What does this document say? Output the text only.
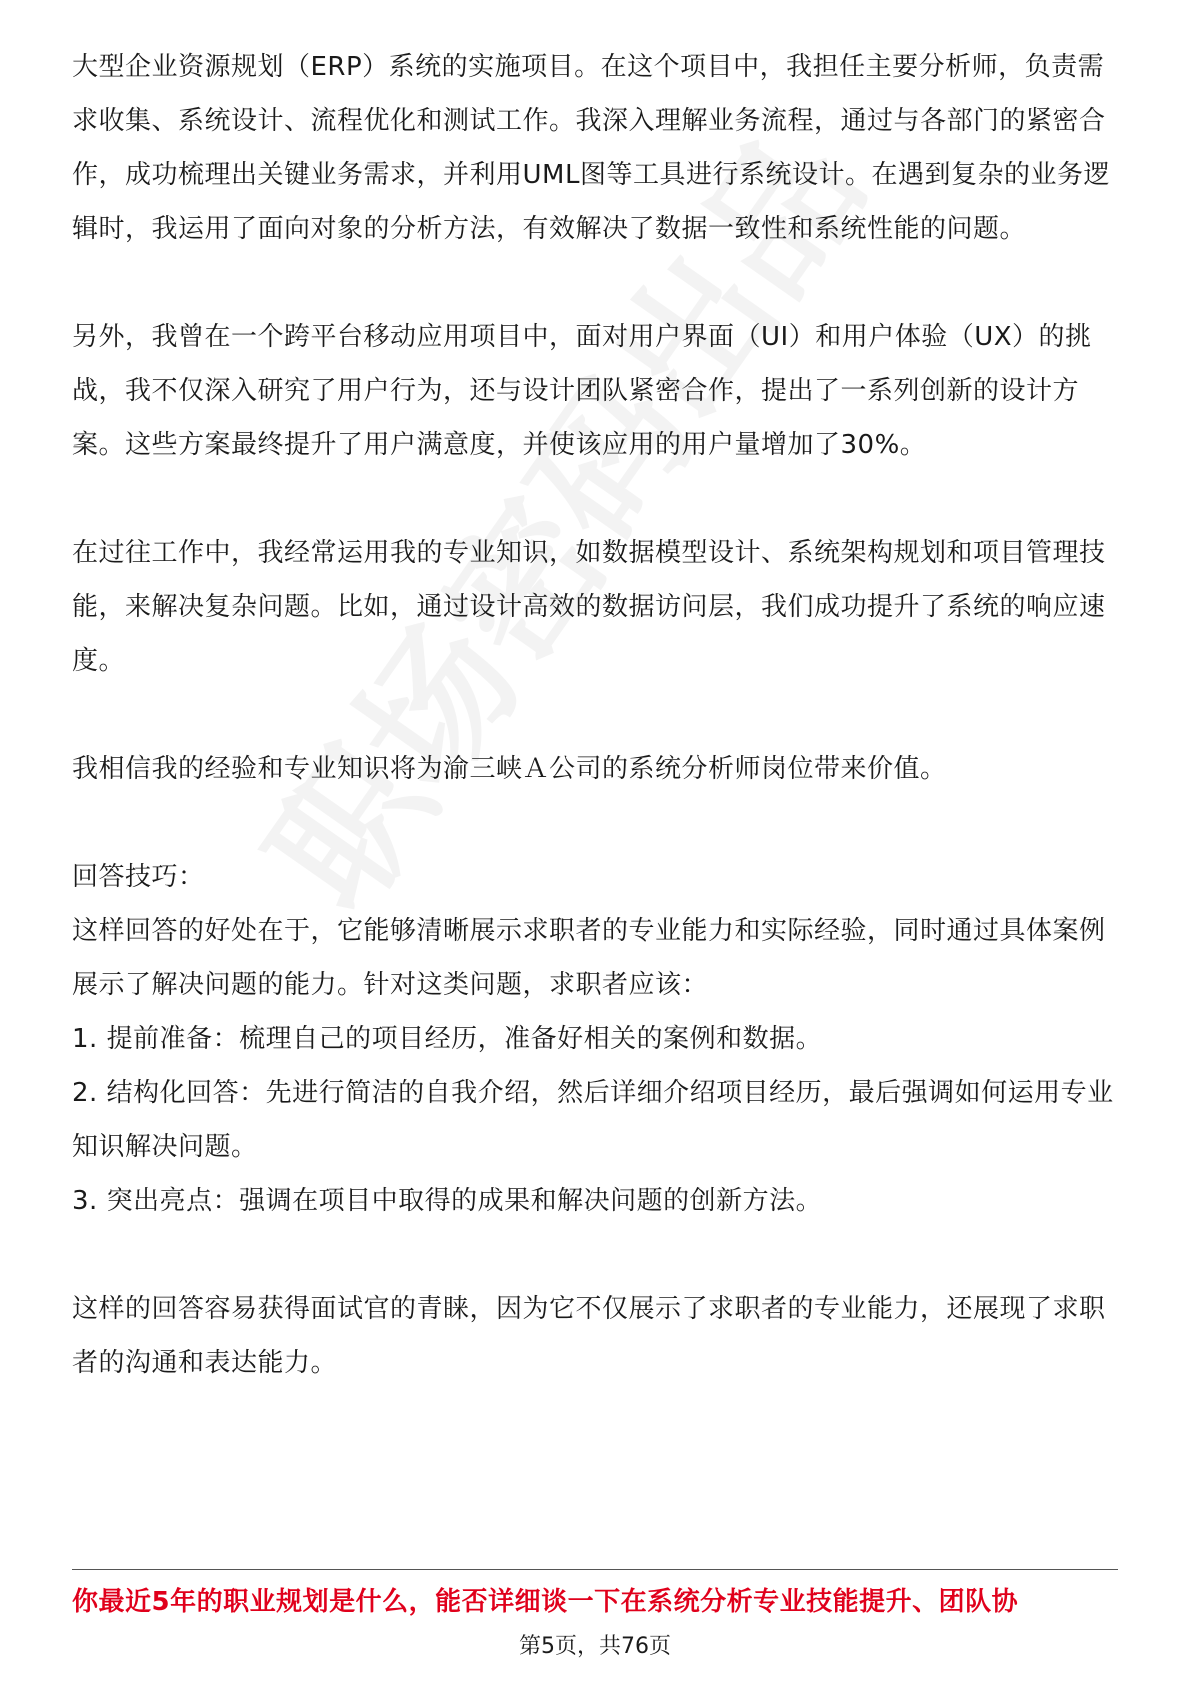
大型企业资源规划（ERP）系统的实施项目。在这个项目中，我担任主要分析师，负责需求收集、系统设计、流程优化和测试工作。我深入理解业务流程，通过与各部门的紧密合作，成功梳理出关键业务需求，并利用UML图等工具进行系统设计。在遇到复杂的业务逻辑时，我运用了面向对象的分析方法，有效解决了数据一致性和系统性能的问题。

另外，我曾在一个跨平台移动应用项目中，面对用户界面（UI）和用户体验（UX）的挑战，我不仅深入研究了用户行为，还与设计团队紧密合作，提出了一系列创新的设计方案。这些方案最终提升了用户满意度，并使该应用的用户量增加了30%。

在过往工作中，我经常运用我的专业知识，如数据模型设计、系统架构规划和项目管理技能，来解决复杂问题。比如，通过设计高效的数据访问层，我们成功提升了系统的响应速度。

我相信我的经验和专业知识将为渝三峡Ａ公司的系统分析师岗位带来价值。

回答技巧：

这样回答的好处在于，它能够清晰展示求职者的专业能力和实际经验，同时通过具体案例展示了解决问题的能力。针对这类问题，求职者应该：

1. 提前准备：梳理自己的项目经历，准备好相关的案例和数据。

2. 结构化回答：先进行简洁的自我介绍，然后详细介绍项目经历，最后强调如何运用专业知识解决问题。

3. 突出亮点：强调在项目中取得的成果和解决问题的创新方法。

这样的回答容易获得面试官的青睐，因为它不仅展示了求职者的专业能力，还展现了求职者的沟通和表达能力。

你最近5年的职业规划是什么，能否详细谈一下在系统分析专业技能提升、团队协
第5页，共76页
